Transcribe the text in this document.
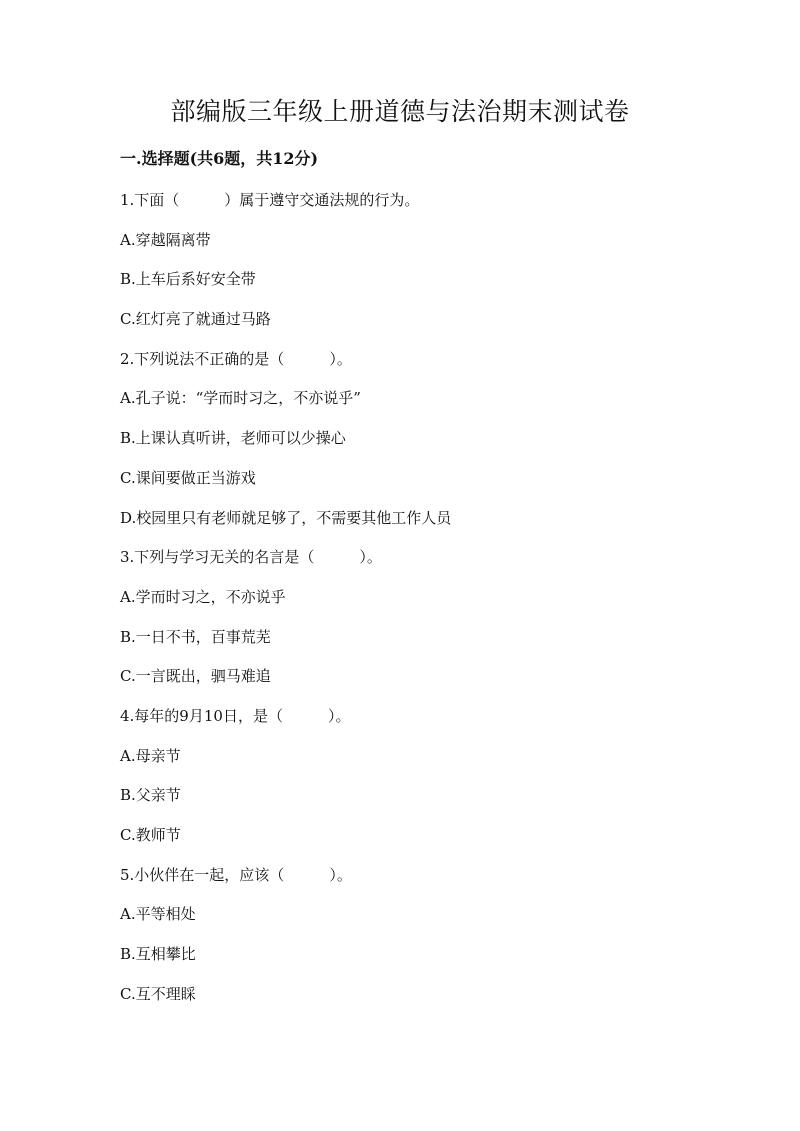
部编版三年级上册道德与法治期末测试卷
一.选择题(共6题，共12分)
1.下面（　　　）属于遵守交通法规的行为。
A.穿越隔离带
B.上车后系好安全带
C.红灯亮了就通过马路
2.下列说法不正确的是（　　　）。
A.孔子说：“学而时习之，不亦说乎”
B.上课认真听讲，老师可以少操心
C.课间要做正当游戏
D.校园里只有老师就足够了，不需要其他工作人员
3.下列与学习无关的名言是（　　　）。
A.学而时习之，不亦说乎
B.一日不书，百事荒芜
C.一言既出，驷马难追
4.每年的9月10日，是（　　　）。
A.母亲节
B.父亲节
C.教师节
5.小伙伴在一起，应该（　　　）。
A.平等相处
B.互相攀比
C.互不理睬
